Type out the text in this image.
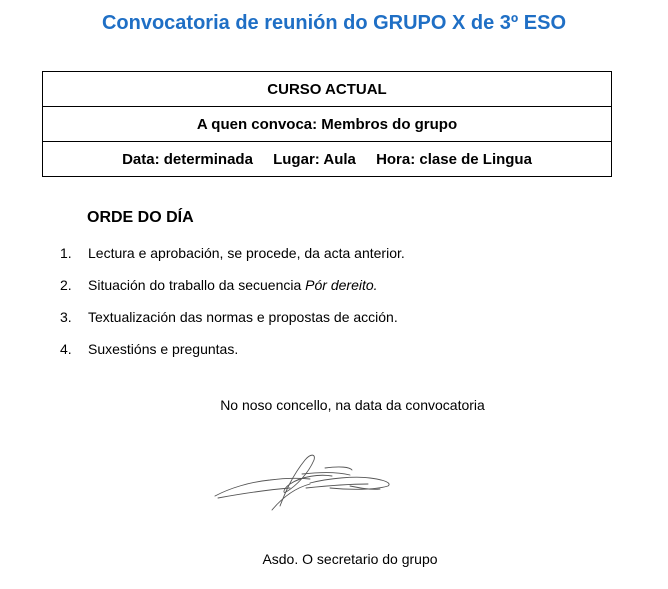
Convocatoria de reunión do GRUPO X de 3º ESO
CURSO ACTUAL
A quen convoca: Membros do grupo
Data: determinada Lugar: Aula Hora: clase de Lingua
ORDE DO DÍA
1.	Lectura e aprobación, se procede, da acta anterior.
2.	Situación do traballo da secuencia Pór dereito.
3.	Textualización das normas e propostas de acción.
4.	Suxestións e preguntas.

No noso concello, na data da convocatoria

Asdo. O secretario do grupo
